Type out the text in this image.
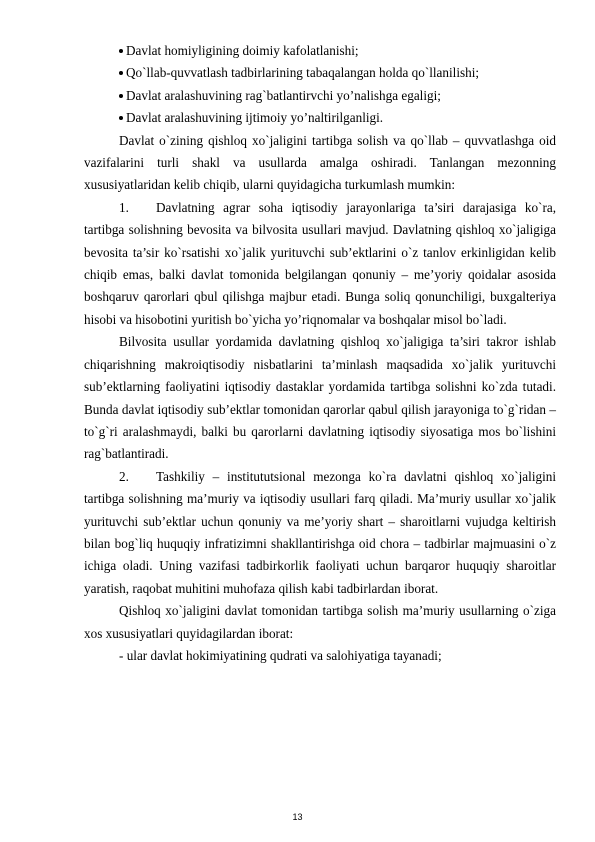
Davlat homiyligining doimiy kafolatlanishi;

Qo`llab-quvvatlash tadbirlarining tabaqalangan holda qo`llanilishi;

Davlat aralashuvining rag`batlantirvchi yo’nalishga egaligi;

Davlat aralashuvining ijtimoiy yo’naltirilganligi.

Davlat o`zining qishloq xo`jaligini tartibga solish va qo`llab – quvvatlashga oid vazifalarini turli shakl va usullarda amalga oshiradi. Tanlangan mezonning xususiyatlaridan kelib chiqib, ularni quyidagicha turkumlash mumkin:

1. Davlatning agrar soha iqtisodiy jarayonlariga ta’siri darajasiga ko`ra, tartibga solishning bevosita va bilvosita usullari mavjud. Davlatning qishloq xo`jaligiga bevosita ta’sir ko`rsatishi xo`jalik yurituvchi sub’ektlarini o`z tanlov erkinligidan kelib chiqib emas, balki davlat tomonida belgilangan qonuniy – me’yoriy qoidalar asosida boshqaruv qarorlari qbul qilishga majbur etadi. Bunga soliq qonunchiligi, buxgalteriya hisobi va hisobotini yuritish bo`yicha yo’riqnomalar va boshqalar misol bo`ladi.

Bilvosita usullar yordamida davlatning qishloq xo`jaligiga ta’siri takror ishlab chiqarishning makroiqtisodiy nisbatlarini ta’minlash maqsadida xo`jalik yurituvchi sub’ektlarning faoliyatini iqtisodiy dastaklar yordamida tartibga solishni ko`zda tutadi. Bunda davlat iqtisodiy sub’ektlar tomonidan qarorlar qabul qilish jarayoniga to`g`ridan – to`g`ri aralashmaydi, balki bu qarorlarni davlatning iqtisodiy siyosatiga mos bo`lishini rag`batlantiradi.

2. Tashkiliy – institututsional mezonga ko`ra davlatni qishloq xo`jaligini tartibga solishning ma’muriy va iqtisodiy usullari farq qiladi. Ma’muriy usullar xo`jalik yurituvchi sub’ektlar uchun qonuniy va me’yoriy shart – sharoitlarni vujudga keltirish bilan bog`liq huquqiy infratizimni shakllantirishga oid chora – tadbirlar majmuasini o`z ichiga oladi. Uning vazifasi tadbirkorlik faoliyati uchun barqaror huquqiy sharoitlar yaratish, raqobat muhitini muhofaza qilish kabi tadbirlardan iborat.

Qishloq xo`jaligini davlat tomonidan tartibga solish ma’muriy usullarning o`ziga xos xususiyatlari quyidagilardan iborat:

- ular davlat hokimiyatining qudrati va salohiyatiga tayanadi;

13
